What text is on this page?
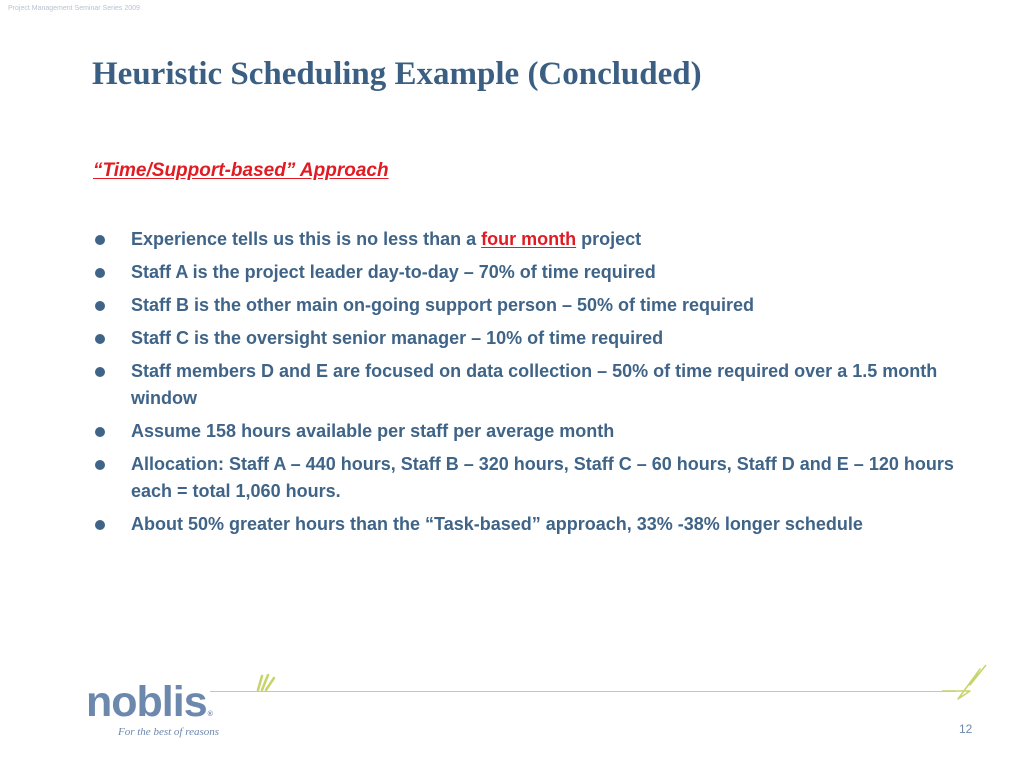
Project Management Seminar Series 2009
Heuristic Scheduling Example (Concluded)
“Time/Support-based” Approach
Experience tells us this is no less than a four month project
Staff A is the project leader day-to-day – 70% of time required
Staff B is the other main on-going support person – 50% of time required
Staff C is the oversight senior manager – 10% of time required
Staff members D and E are focused on data collection – 50% of time required over a 1.5 month window
Assume 158 hours available per staff per average month
Allocation: Staff A – 440 hours, Staff B – 320 hours, Staff C – 60 hours, Staff D and E – 120 hours each = total 1,060 hours.
About 50% greater hours than the “Task-based” approach, 33% -38% longer schedule
noblis®
For the best of reasons	12
